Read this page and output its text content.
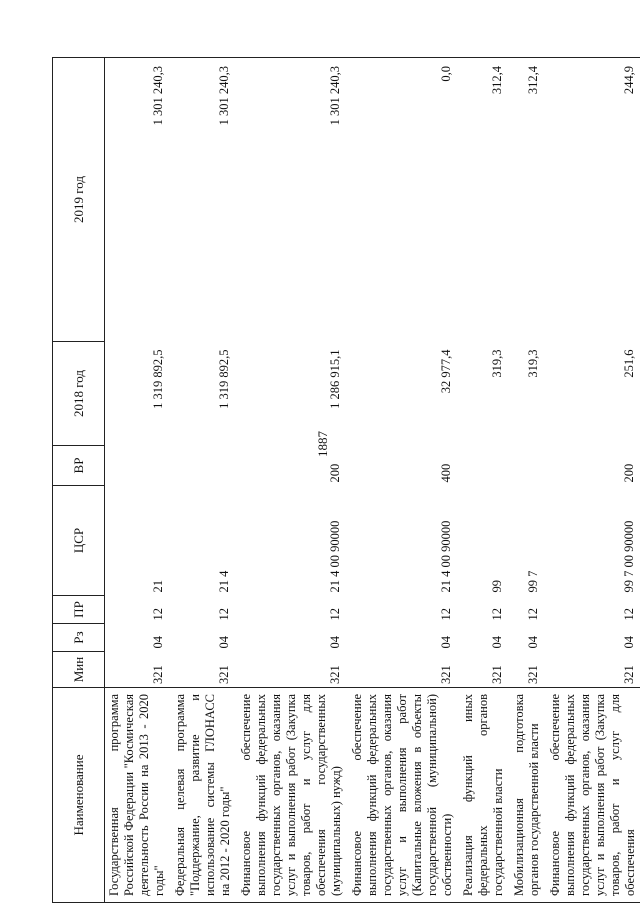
1887
Наименование	Мин	Рз	ПР	ЦСР	ВР	2018 год	2019 год
Государственная программа Российской Федерации "Космическая деятельность России на 2013 - 2020 годы"	321	04	12	21		1 319 892,5	1 301 240,3
Федеральная целевая программа "Поддержание, развитие и использование системы ГЛОНАСС на 2012 - 2020 годы"	321	04	12	21 4		1 319 892,5	1 301 240,3
Финансовое обеспечение выполнения функций федеральных государственных органов, оказания услуг и выполнения работ (Закупка товаров, работ и услуг для обеспечения государственных (муниципальных) нужд)	321	04	12	21 4 00 90000	200	1 286 915,1	1 301 240,3
Финансовое обеспечение выполнения функций федеральных государственных органов, оказания услуг и выполнения работ (Капитальные вложения в объекты государственной (муниципальной) собственности)	321	04	12	21 4 00 90000	400	32 977,4	0,0
Реализация функций иных федеральных органов государственной власти	321	04	12	99		319,3	312,4
Мобилизационная подготовка органов государственной власти	321	04	12	99 7		319,3	312,4
Финансовое обеспечение выполнения функций федеральных государственных органов, оказания услуг и выполнения работ (Закупка товаров, работ и услуг для обеспечения	321	04	12	99 7 00 90000	200	251,6	244,9
